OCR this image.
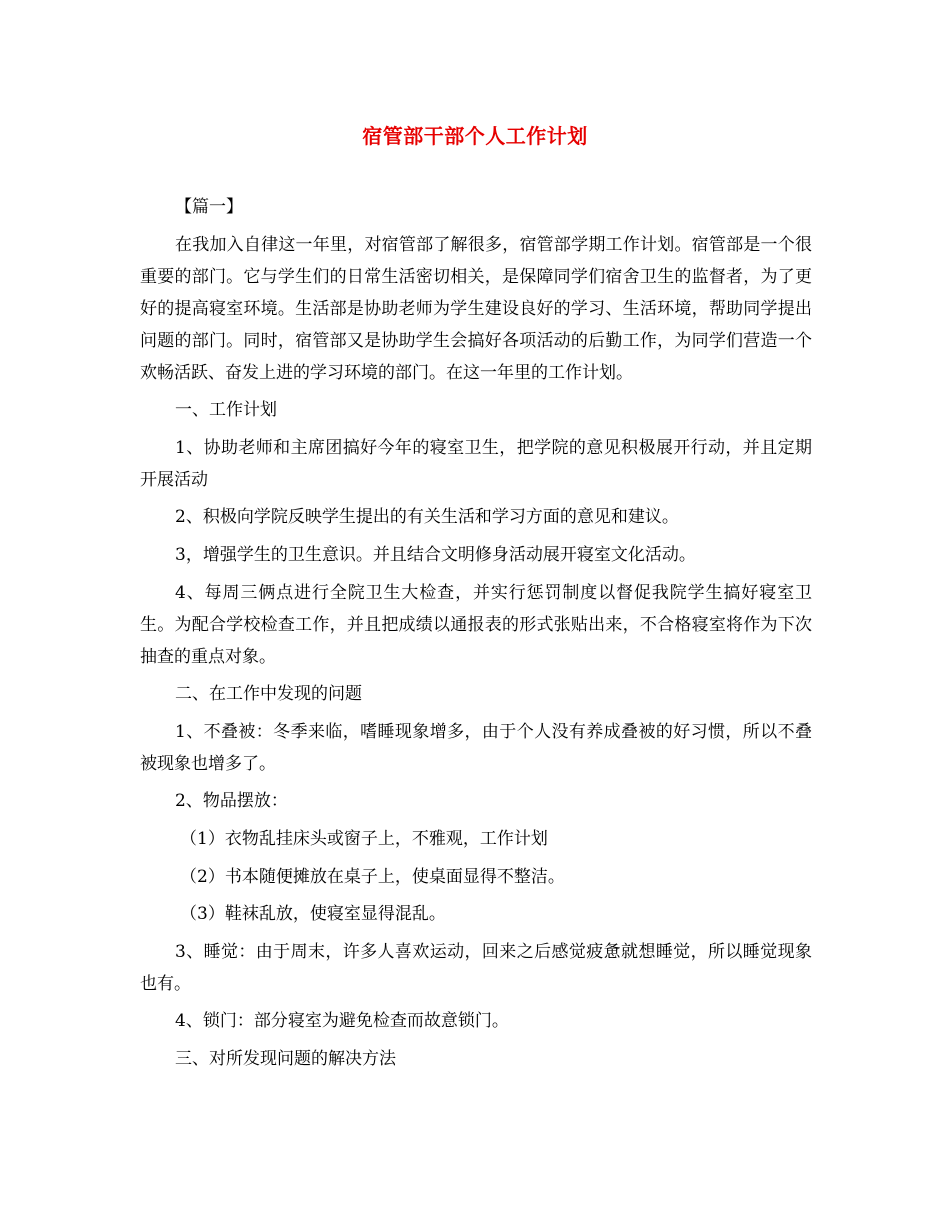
宿管部干部个人工作计划

【篇一】

在我加入自律这一年里，对宿管部了解很多，宿管部学期工作计划。宿管部是一个很重要的部门。它与学生们的日常生活密切相关，是保障同学们宿舍卫生的监督者，为了更好的提高寝室环境。生活部是协助老师为学生建设良好的学习、生活环境，帮助同学提出问题的部门。同时，宿管部又是协助学生会搞好各项活动的后勤工作，为同学们营造一个欢畅活跃、奋发上进的学习环境的部门。在这一年里的工作计划。

一、工作计划

1、协助老师和主席团搞好今年的寝室卫生，把学院的意见积极展开行动，并且定期开展活动

2、积极向学院反映学生提出的有关生活和学习方面的意见和建议。

3，增强学生的卫生意识。并且结合文明修身活动展开寝室文化活动。

4、每周三俩点进行全院卫生大检查，并实行惩罚制度以督促我院学生搞好寝室卫生。为配合学校检查工作，并且把成绩以通报表的形式张贴出来，不合格寝室将作为下次抽查的重点对象。

二、在工作中发现的问题

1、不叠被：冬季来临，嗜睡现象增多，由于个人没有养成叠被的好习惯，所以不叠被现象也增多了。

2、物品摆放：

（1）衣物乱挂床头或窗子上，不雅观，工作计划

（2）书本随便摊放在桌子上，使桌面显得不整洁。

（3）鞋袜乱放，使寝室显得混乱。

3、睡觉：由于周末，许多人喜欢运动，回来之后感觉疲惫就想睡觉，所以睡觉现象也有。

4、锁门：部分寝室为避免检查而故意锁门。

三、对所发现问题的解决方法
